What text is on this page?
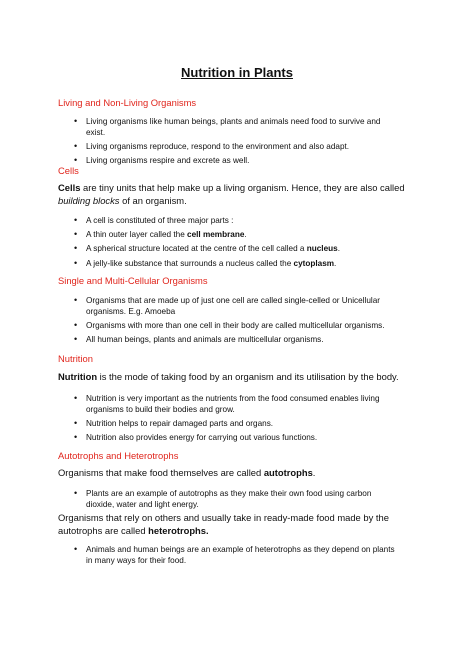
Nutrition in Plants
Living and Non-Living Organisms
• Living organisms like human beings, plants and animals need food to survive and exist.
• Living organisms reproduce, respond to the environment and also adapt.
• Living organisms respire and excrete as well.
Cells
Cells are tiny units that help make up a living organism. Hence, they are also called building blocks of an organism.
• A cell is constituted of three major parts :
• A thin outer layer called the cell membrane.
• A spherical structure located at the centre of the cell called a nucleus.
• A jelly-like substance that surrounds a nucleus called the cytoplasm.
Single and Multi-Cellular Organisms
• Organisms that are made up of just one cell are called single-celled or Unicellular organisms. E.g. Amoeba
• Organisms with more than one cell in their body are called multicellular organisms.
• All human beings, plants and animals are multicellular organisms.
Nutrition
Nutrition is the mode of taking food by an organism and its utilisation by the body.
• Nutrition is very important as the nutrients from the food consumed enables living organisms to build their bodies and grow.
• Nutrition helps to repair damaged parts and organs.
• Nutrition also provides energy for carrying out various functions.
Autotrophs and Heterotrophs
Organisms that make food themselves are called autotrophs.
• Plants are an example of autotrophs as they make their own food using carbon dioxide, water and light energy.
Organisms that rely on others and usually take in ready-made food made by the autotrophs are called heterotrophs.
• Animals and human beings are an example of heterotrophs as they depend on plants in many ways for their food.
